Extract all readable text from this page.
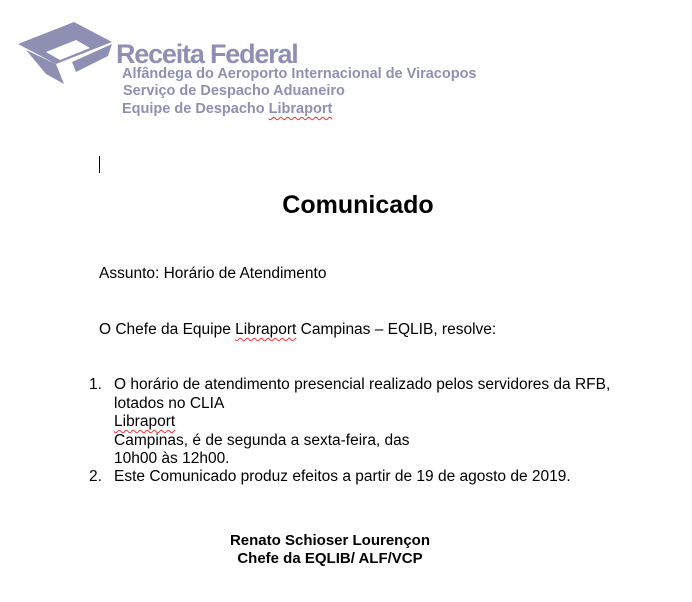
Receita Federal
Alfândega do Aeroporto Internacional de Viracopos
Serviço de Despacho Aduaneiro
Equipe de Despacho Libraport
Comunicado
Assunto: Horário de Atendimento
O Chefe da Equipe Libraport Campinas – EQLIB, resolve:
1. O horário de atendimento presencial realizado pelos servidores da RFB,
lotados no CLIA
Libraport
Campinas, é de segunda a sexta-feira, das
10h00 às 12h00.
2. Este Comunicado produz efeitos a partir de 19 de agosto de 2019.
Renato Schioser Lourençon
Chefe da EQLIB/ ALF/VCP
